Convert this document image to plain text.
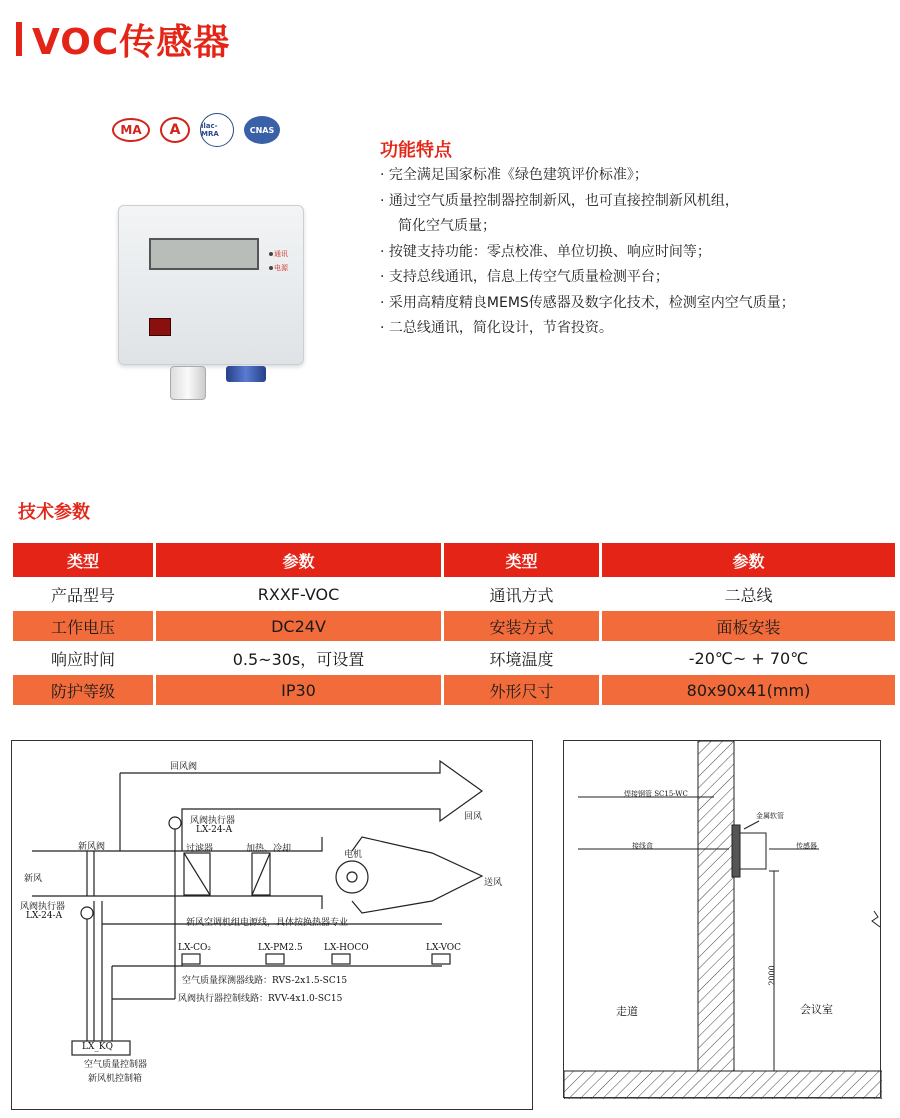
VOC传感器
MA	A	ilac-MRA	CNAS
通讯
电源
功能特点
· 完全满足国家标准《绿色建筑评价标准》；
· 通过空气质量控制器控制新风，也可直接控制新风机组，
简化空气质量；
· 按键支持功能：零点校准、单位切换、响应时间等；
· 支持总线通讯，信息上传空气质量检测平台；
· 采用高精度精良MEMS传感器及数字化技术，检测室内空气质量；
· 二总线通讯，简化设计，节省投资。
技术参数
类型	参数	类型	参数
产品型号	RXXF-VOC	通讯方式	二总线
工作电压	DC24V	安装方式	面板安装
响应时间	0.5~30s，可设置	环境温度	-20℃~ + 70℃
防护等级	IP30	外形尺寸	80x90x41(mm)
回风阀
回风
风阀执行器
LX-24-A
新风阀	过滤器	加热、冷却
电机
新风	送风
风阀执行器
LX-24-A
新风空调机组电源线，具体按换热器专业
LX-CO₂	LX-PM2.5 LX-HOCO	LX-VOC
空气质量探测器线路：RVS-2x1.5-SC15
风阀执行器控制线路：RVV-4x1.0-SC15
LX_KQ
空气质量控制器
新风机控制箱
焊接钢管 SC15-WC
金属软管
接线盒	传感器
走道	会议室
2000
